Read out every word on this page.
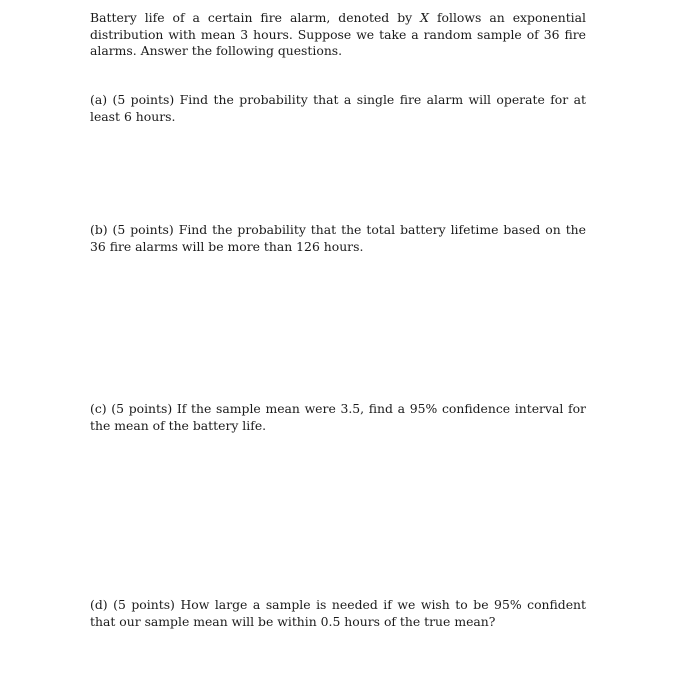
Battery life of a certain fire alarm, denoted by X follows an exponential distribution with mean 3 hours. Suppose we take a random sample of 36 fire alarms. Answer the following questions.
(a) (5 points) Find the probability that a single fire alarm will operate for at least 6 hours.
(b) (5 points) Find the probability that the total battery lifetime based on the 36 fire alarms will be more than 126 hours.
(c) (5 points) If the sample mean were 3.5, find a 95% confidence interval for the mean of the battery life.
(d) (5 points) How large a sample is needed if we wish to be 95% confident that our sample mean will be within 0.5 hours of the true mean?
